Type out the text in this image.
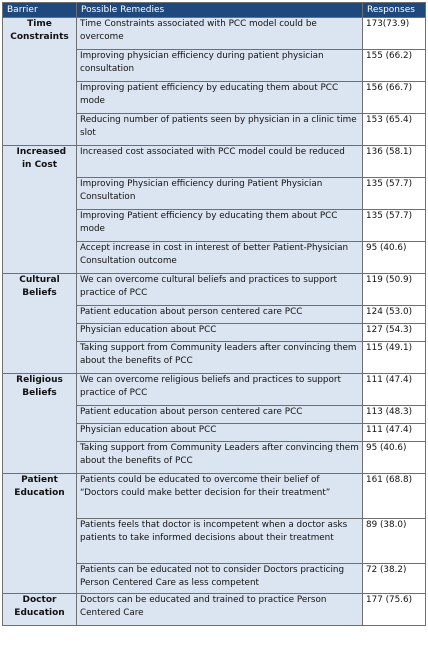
Barrier	Possible Remedies	Responses
Time Constraints	Time Constraints associated with PCC model could be overcome	173(73.9)
	Improving physician efficiency during patient physician consultation	155 (66.2)
	Improving patient efficiency by educating them about PCC mode	156 (66.7)
	Reducing number of patients seen by physician in a clinic time slot	153 (65.4)
Increased in Cost	Increased cost associated with PCC model could be reduced	136 (58.1)
	Improving Physician efficiency during Patient Physician Consultation	135 (57.7)
	Improving Patient efficiency by educating them about PCC mode	135 (57.7)
	Accept increase in cost in interest of better Patient-Physician Consultation outcome	95 (40.6)
Cultural Beliefs	We can overcome cultural beliefs and practices to support practice of PCC	119 (50.9)
	Patient education about person centered care PCC	124 (53.0)
	Physician education about PCC	127 (54.3)
	Taking support from Community leaders after convincing them about the benefits of PCC	115 (49.1)
Religious Beliefs	We can overcome religious beliefs and practices to support practice of PCC	111 (47.4)
	Patient education about person centered care PCC	113 (48.3)
	Physician education about PCC	111 (47.4)
	Taking support from Community Leaders after convincing them about the benefits of PCC	95 (40.6)
Patient Education	Patients could be educated to overcome their belief of “Doctors could make better decision for their treatment”	161 (68.8)
	Patients feels that doctor is incompetent when a doctor asks patients to take informed decisions about their treatment	89 (38.0)
	Patients can be educated not to consider Doctors practicing Person Centered Care as less competent	72 (38.2)
Doctor Education	Doctors can be educated and trained to practice Person Centered Care	177 (75.6)
